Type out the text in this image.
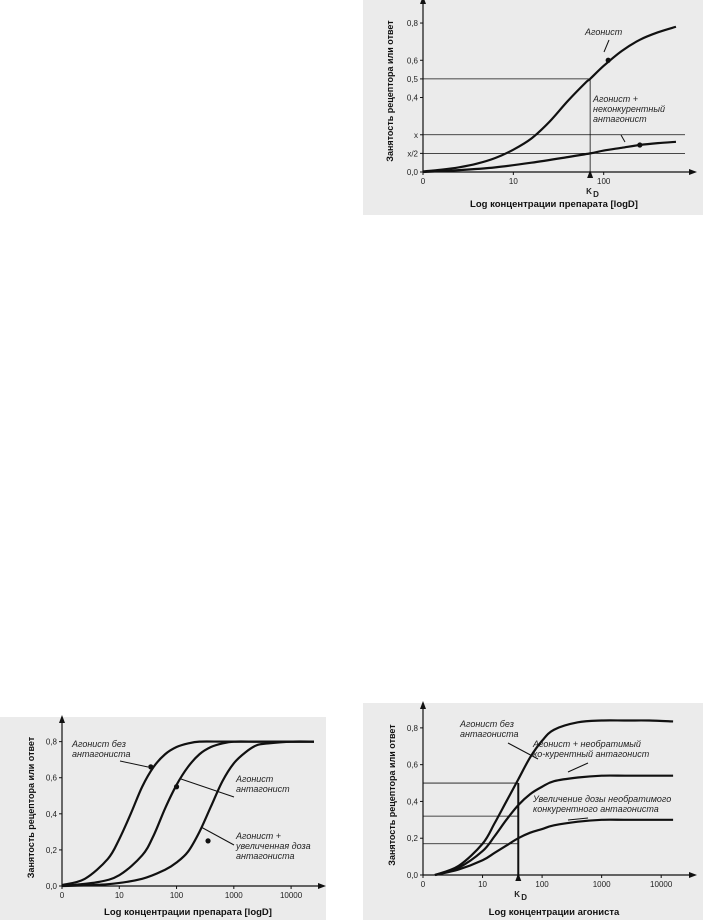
0,0
x/2
x
0,4
0,5
0,6
0,8
0	10	100
K D
Агонист
Агонист +
неконкурентный
антагонист
Log концентрации препарата [logD]
Занятость рецептора или ответ
0,0
0,2
0,4
0,6
0,8
0	10	100	1000	10000
Агонист без
антагониста
Агонист
антагонист
Агонист +
увеличенная доза
антагониста
Log концентрации препарата [logD]
Занятость рецептора или ответ	0,0
0,2
0,4
0,6
0,8
0	10	100	1000	10000
K D
Агонист без
антагониста
Агонист + необратимый
ко-курентный антагонист
Увеличение дозы необратимого
конкурентного антагониста
Log концентрации агониста
Занятость рецептора или ответ
